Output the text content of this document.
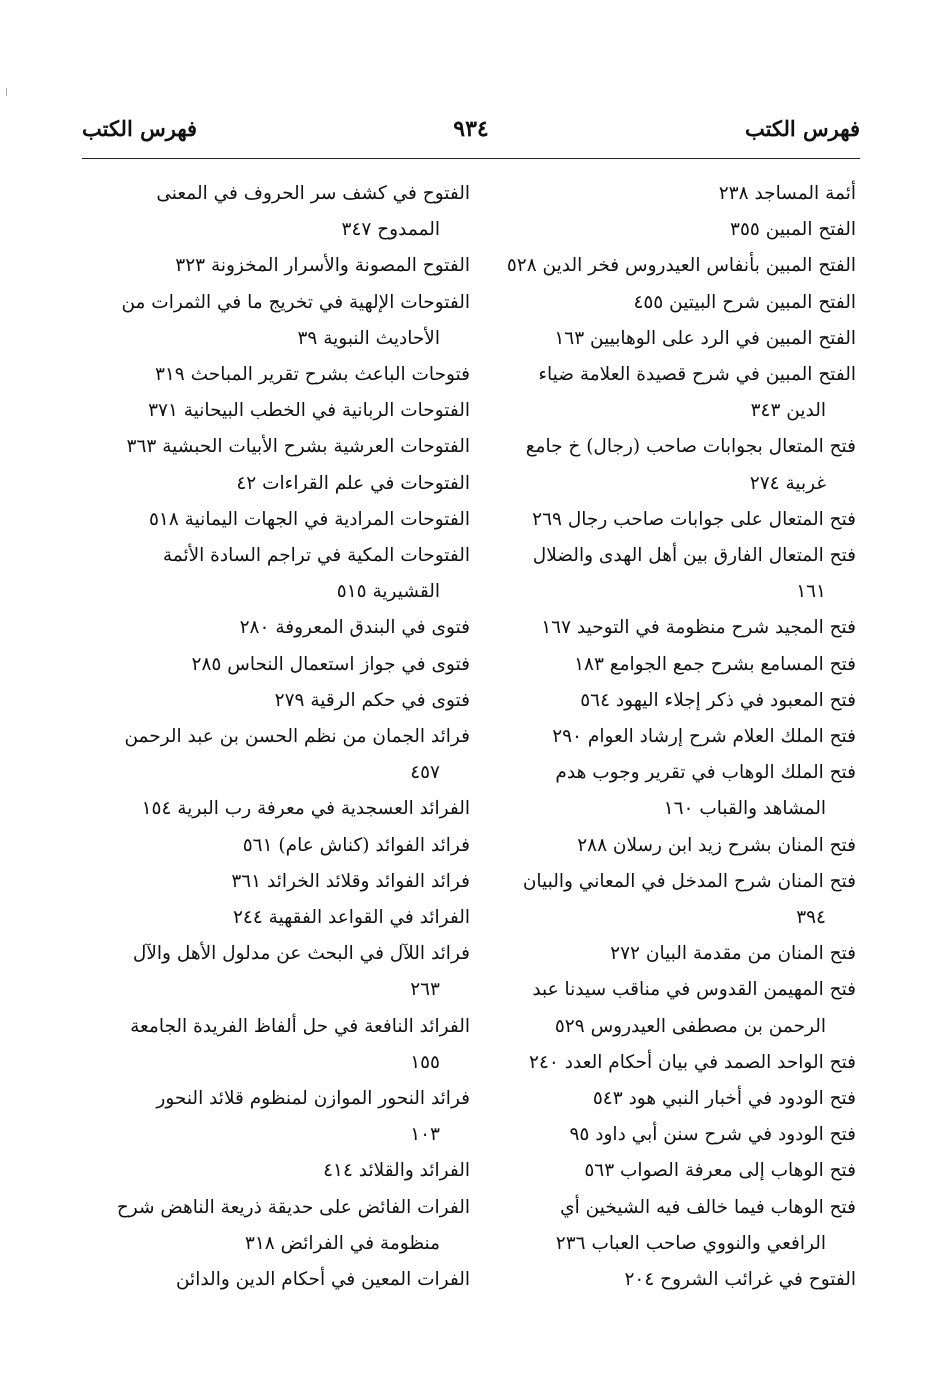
فهرس الكتب
٩٣٤
فهرس الكتب
أئمة المساجد ٢٣٨
الفتح المبين ٣٥٥
الفتح المبين بأنفاس العيدروس فخر الدين ٥٢٨
الفتح المبين شرح البيتين ٤٥٥
الفتح المبين في الرد على الوهابيين ١٦٣
الفتح المبين في شرح قصيدة العلامة ضياء
الدين ٣٤٣
فتح المتعال بجوابات صاحب (رجال) خ جامع
غربية ٢٧٤
فتح المتعال على جوابات صاحب رجال ٢٦٩
فتح المتعال الفارق بين أهل الهدى والضلال
١٦١
فتح المجيد شرح منظومة في التوحيد ١٦٧
فتح المسامع بشرح جمع الجوامع ١٨٣
فتح المعبود في ذكر إجلاء اليهود ٥٦٤
فتح الملك العلام شرح إرشاد العوام ٢٩٠
فتح الملك الوهاب في تقرير وجوب هدم
المشاهد والقباب ١٦٠
فتح المنان بشرح زيد ابن رسلان ٢٨٨
فتح المنان شرح المدخل في المعاني والبيان
٣٩٤
فتح المنان من مقدمة البيان ٢٧٢
فتح المهيمن القدوس في مناقب سيدنا عبد
الرحمن بن مصطفى العيدروس ٥٢٩
فتح الواحد الصمد في بيان أحكام العدد ٢٤٠
فتح الودود في أخبار النبي هود ٥٤٣
فتح الودود في شرح سنن أبي داود ٩٥
فتح الوهاب إلى معرفة الصواب ٥٦٣
فتح الوهاب فيما خالف فيه الشيخين أي
الرافعي والنووي صاحب العباب ٢٣٦
الفتوح في غرائب الشروح ٢٠٤
الفتوح في كشف سر الحروف في المعنى
الممدوح ٣٤٧
الفتوح المصونة والأسرار المخزونة ٣٢٣
الفتوحات الإلهية في تخريج ما في الثمرات من
الأحاديث النبوية ٣٩
فتوحات الباعث بشرح تقرير المباحث ٣١٩
الفتوحات الربانية في الخطب البيحانية ٣٧١
الفتوحات العرشية بشرح الأبيات الحبشية ٣٦٣
الفتوحات في علم القراءات ٤٢
الفتوحات المرادية في الجهات اليمانية ٥١٨
الفتوحات المكية في تراجم السادة الأئمة
القشيرية ٥١٥
فتوى في البندق المعروفة ٢٨٠
فتوى في جواز استعمال النحاس ٢٨٥
فتوى في حكم الرقية ٢٧٩
فرائد الجمان من نظم الحسن بن عبد الرحمن
٤٥٧
الفرائد العسجدية في معرفة رب البرية ١٥٤
فرائد الفوائد (كناش عام) ٥٦١
فرائد الفوائد وقلائد الخرائد ٣٦١
الفرائد في القواعد الفقهية ٢٤٤
فرائد اللآل في البحث عن مدلول الأهل والآل
٢٦٣
الفرائد النافعة في حل ألفاظ الفريدة الجامعة
١٥٥
فرائد النحور الموازن لمنظوم قلائد النحور
١٠٣
الفرائد والقلائد ٤١٤
الفرات الفائض على حديقة ذريعة الناهض شرح
منظومة في الفرائض ٣١٨
الفرات المعين في أحكام الدين والدائن
